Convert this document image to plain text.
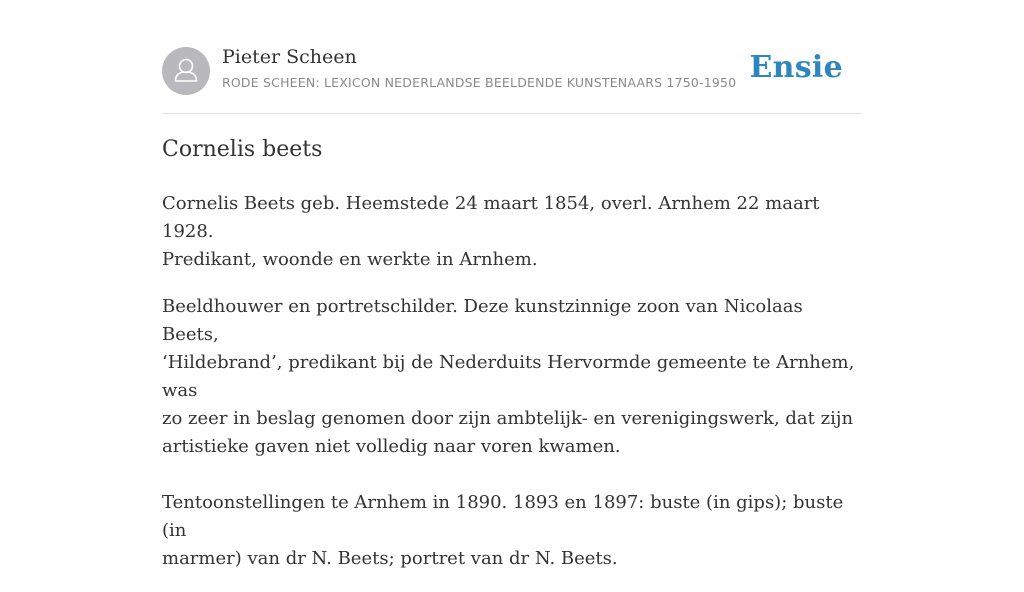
Pieter Scheen
RODE SCHEEN: LEXICON NEDERLANDSE BEELDENDE KUNSTENAARS 1750-1950 Ensie
Cornelis beets

Cornelis Beets geb. Heemstede 24 maart 1854, overl. Arnhem 22 maart 1928.
Predikant, woonde en werkte in Arnhem.

Beeldhouwer en portretschilder. Deze kunstzinnige zoon van Nicolaas Beets,
‘Hildebrand’, predikant bij de Nederduits Hervormde gemeente te Arnhem, was
zo zeer in beslag genomen door zijn ambtelijk- en verenigingswerk, dat zijn
artistieke gaven niet volledig naar voren kwamen.

Tentoonstellingen te Arnhem in 1890. 1893 en 1897: buste (in gips); buste (in
marmer) van dr N. Beets; portret van dr N. Beets.
